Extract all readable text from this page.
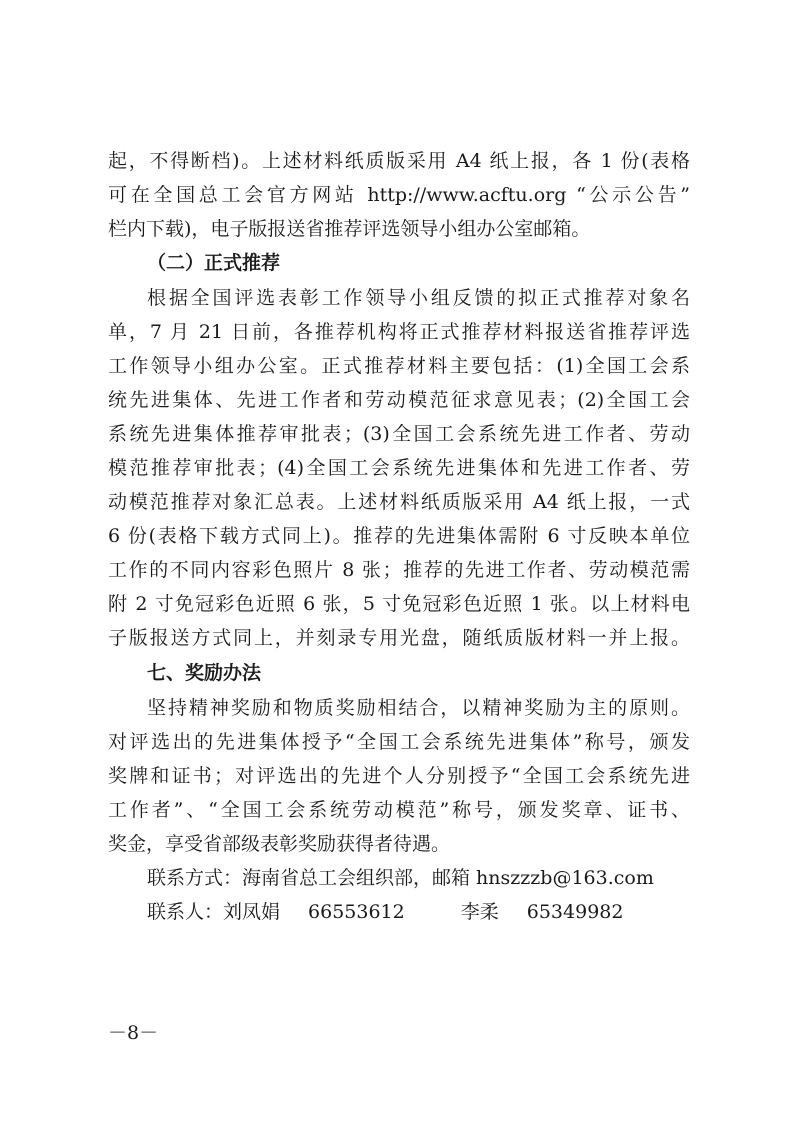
起，不得断档)。上述材料纸质版采用 A4 纸上报，各 1 份(表格
可在全国总工会官方网站 http://www.acftu.org “公示公告”
栏内下载)，电子版报送省推荐评选领导小组办公室邮箱。
（二）正式推荐
根据全国评选表彰工作领导小组反馈的拟正式推荐对象名
单，7 月 21 日前，各推荐机构将正式推荐材料报送省推荐评选
工作领导小组办公室。正式推荐材料主要包括：(1)全国工会系
统先进集体、先进工作者和劳动模范征求意见表；(2)全国工会
系统先进集体推荐审批表；(3)全国工会系统先进工作者、劳动
模范推荐审批表；(4)全国工会系统先进集体和先进工作者、劳
动模范推荐对象汇总表。上述材料纸质版采用 A4 纸上报，一式
6 份(表格下载方式同上)。推荐的先进集体需附 6 寸反映本单位
工作的不同内容彩色照片 8 张；推荐的先进工作者、劳动模范需
附 2 寸免冠彩色近照 6 张，5 寸免冠彩色近照 1 张。以上材料电
子版报送方式同上，并刻录专用光盘，随纸质版材料一并上报。
七、奖励办法
坚持精神奖励和物质奖励相结合，以精神奖励为主的原则。
对评选出的先进集体授予“全国工会系统先进集体”称号，颁发
奖牌和证书；对评选出的先进个人分别授予“全国工会系统先进
工作者”、“全国工会系统劳动模范”称号，颁发奖章、证书、
奖金，享受省部级表彰奖励获得者待遇。
联系方式：海南省总工会组织部，邮箱 hnszzzb@163.com
联系人：刘凤娟 66553612	李柔 65349982
－8－
